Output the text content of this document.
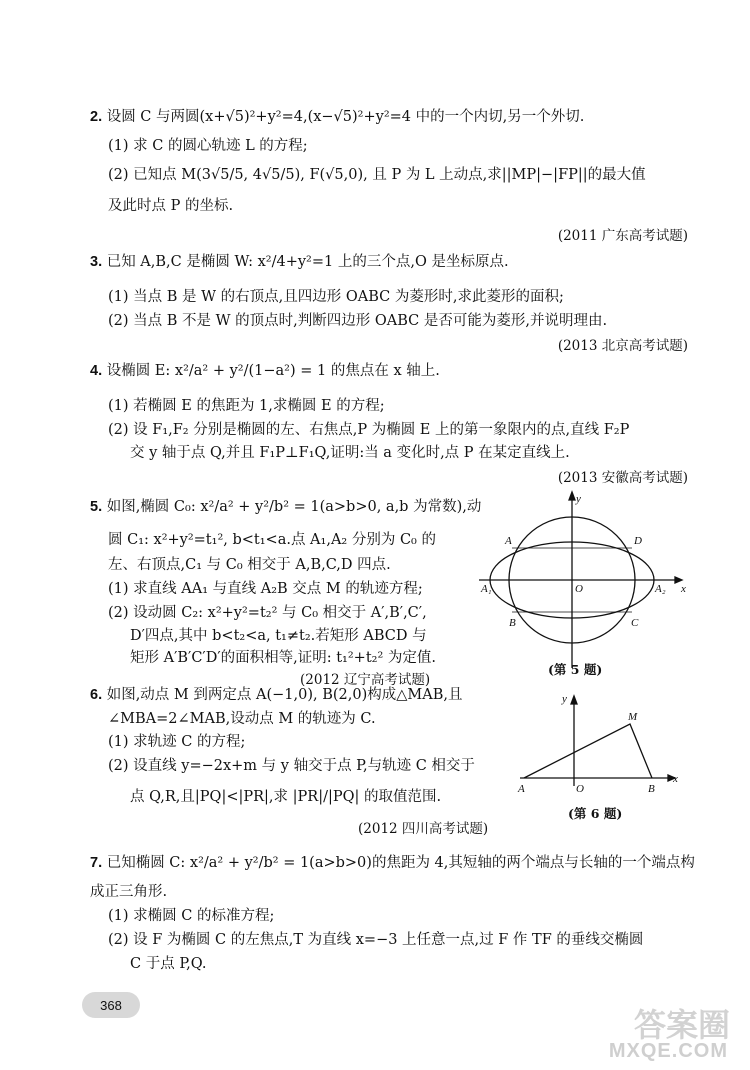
2. 设圆 C 与两圆(x+√5)²+y²=4,(x−√5)²+y²=4 中的一个内切,另一个外切.
(1) 求 C 的圆心轨迹 L 的方程;
(2) 已知点 M(3√5/5, 4√5/5), F(√5,0), 且 P 为 L 上动点,求||MP|−|FP||的最大值
及此时点 P 的坐标.
(2011 广东高考试题)
3. 已知 A,B,C 是椭圆 W: x²/4+y²=1 上的三个点,O 是坐标原点.
(1) 当点 B 是 W 的右顶点,且四边形 OABC 为菱形时,求此菱形的面积;
(2) 当点 B 不是 W 的顶点时,判断四边形 OABC 是否可能为菱形,并说明理由.
(2013 北京高考试题)
4. 设椭圆 E: x²/a² + y²/(1−a²) = 1 的焦点在 x 轴上.
(1) 若椭圆 E 的焦距为 1,求椭圆 E 的方程;
(2) 设 F₁,F₂ 分别是椭圆的左、右焦点,P 为椭圆 E 上的第一象限内的点,直线 F₂P
交 y 轴于点 Q,并且 F₁P⊥F₁Q,证明:当 a 变化时,点 P 在某定直线上.
(2013 安徽高考试题)
5. 如图,椭圆 C₀: x²/a² + y²/b² = 1(a>b>0, a,b 为常数),动
圆 C₁: x²+y²=t₁², b<t₁<a.点 A₁,A₂ 分别为 C₀ 的
左、右顶点,C₁ 与 C₀ 相交于 A,B,C,D 四点.
(1) 求直线 AA₁ 与直线 A₂B 交点 M 的轨迹方程;
(2) 设动圆 C₂: x²+y²=t₂² 与 C₀ 相交于 A′,B′,C′,
D′四点,其中 b<t₂<a, t₁≠t₂.若矩形 ABCD 与
矩形 A′B′C′D′的面积相等,证明: t₁²+t₂² 为定值.
(2012 辽宁高考试题)
y
x
A	D
A₁	O	A₂
B	C
(第 5 题)
6. 如图,动点 M 到两定点 A(−1,0), B(2,0)构成△MAB,且
∠MBA=2∠MAB,设动点 M 的轨迹为 C.
(1) 求轨迹 C 的方程;
(2) 设直线 y=−2x+m 与 y 轴交于点 P,与轨迹 C 相交于
点 Q,R,且|PQ|<|PR|,求 |PR|/|PQ| 的取值范围.
(2012 四川高考试题)
y
x
M
A	O	B
(第 6 题)
7. 已知椭圆 C: x²/a² + y²/b² = 1(a>b>0)的焦距为 4,其短轴的两个端点与长轴的一个端点构
成正三角形.
(1) 求椭圆 C 的标准方程;
(2) 设 F 为椭圆 C 的左焦点,T 为直线 x=−3 上任意一点,过 F 作 TF 的垂线交椭圆
C 于点 P,Q.
368
答案圈
MXQE.COM
